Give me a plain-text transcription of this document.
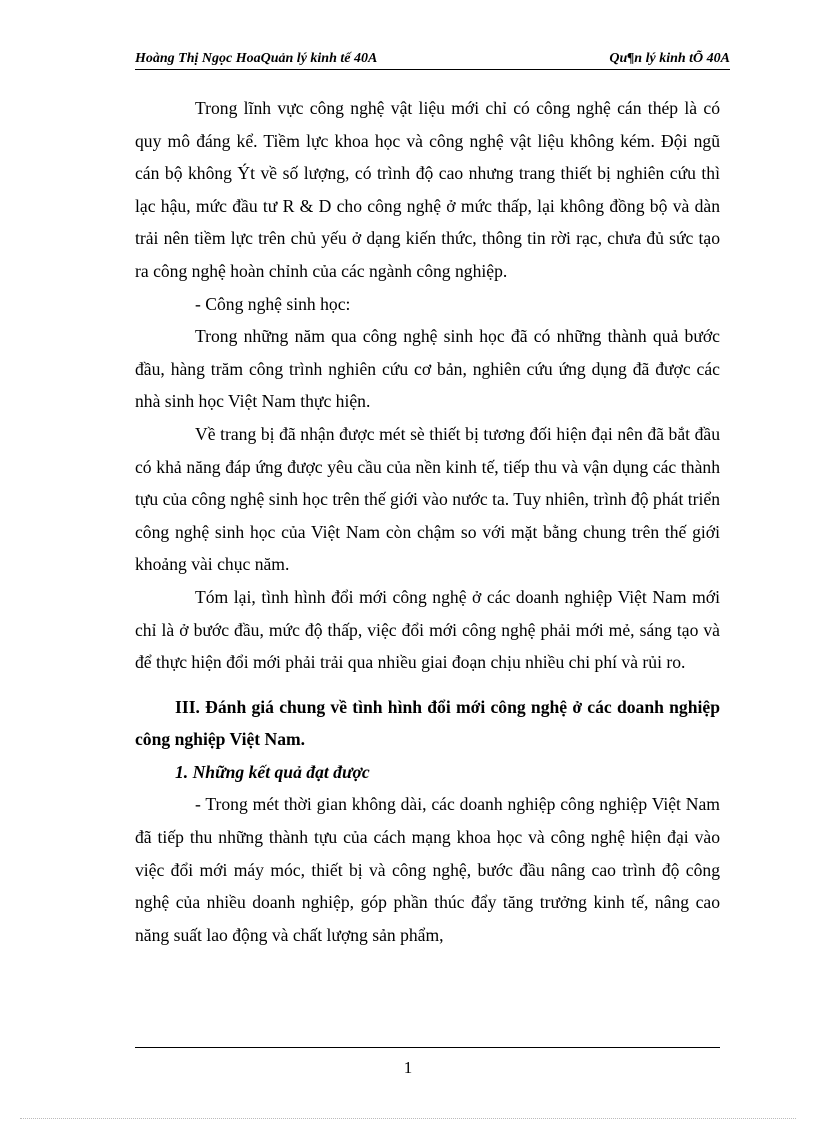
Hoàng Thị Ngọc HoaQuản lý kinh tế 40A	Qu¶n lý kinh tÕ 40A

Trong lĩnh vực công nghệ vật liệu mới chỉ có công nghệ cán thép là có quy mô đáng kể. Tiềm lực khoa học và công nghệ vật liệu không kém. Đội ngũ cán bộ không Ýt về số lượng, có trình độ cao nhưng trang thiết bị nghiên cứu thì lạc hậu, mức đầu tư R & D cho công nghệ ở mức thấp, lại không đồng bộ và dàn trải nên tiềm lực trên chủ yếu ở dạng kiến thức, thông tin rời rạc, chưa đủ sức tạo ra công nghệ hoàn chỉnh của các ngành công nghiệp.

- Công nghệ sinh học:

Trong những năm qua công nghệ sinh học đã có những thành quả bước đầu, hàng trăm công trình nghiên cứu cơ bản, nghiên cứu ứng dụng đã được các nhà sinh học Việt Nam thực hiện.

Về trang bị đã nhận được mét sè thiết bị tương đối hiện đại nên đã bắt đầu có khả năng đáp ứng được yêu cầu của nền kinh tế, tiếp thu và vận dụng các thành tựu của công nghệ sinh học trên thế giới vào nước ta. Tuy nhiên, trình độ phát triển công nghệ sinh học của Việt Nam còn chậm so với mặt bằng chung trên thế giới khoảng vài chục năm.

Tóm lại, tình hình đổi mới công nghệ ở các doanh nghiệp Việt Nam mới chỉ là ở bước đầu, mức độ thấp, việc đổi mới công nghệ phải mới mẻ, sáng tạo và để thực hiện đổi mới phải trải qua nhiều giai đoạn chịu nhiều chi phí và rủi ro.

III. Đánh giá chung về tình hình đổi mới công nghệ ở các doanh nghiệp công nghiệp Việt Nam.
1. Những kết quả đạt được

- Trong mét thời gian không dài, các doanh nghiệp công nghiệp Việt Nam đã tiếp thu những thành tựu của cách mạng khoa học và công nghệ hiện đại vào việc đổi mới máy móc, thiết bị và công nghệ, bước đầu nâng cao trình độ công nghệ của nhiều doanh nghiệp, góp phần thúc đẩy tăng trưởng kinh tế, nâng cao năng suất lao động và chất lượng sản phẩm,

1
